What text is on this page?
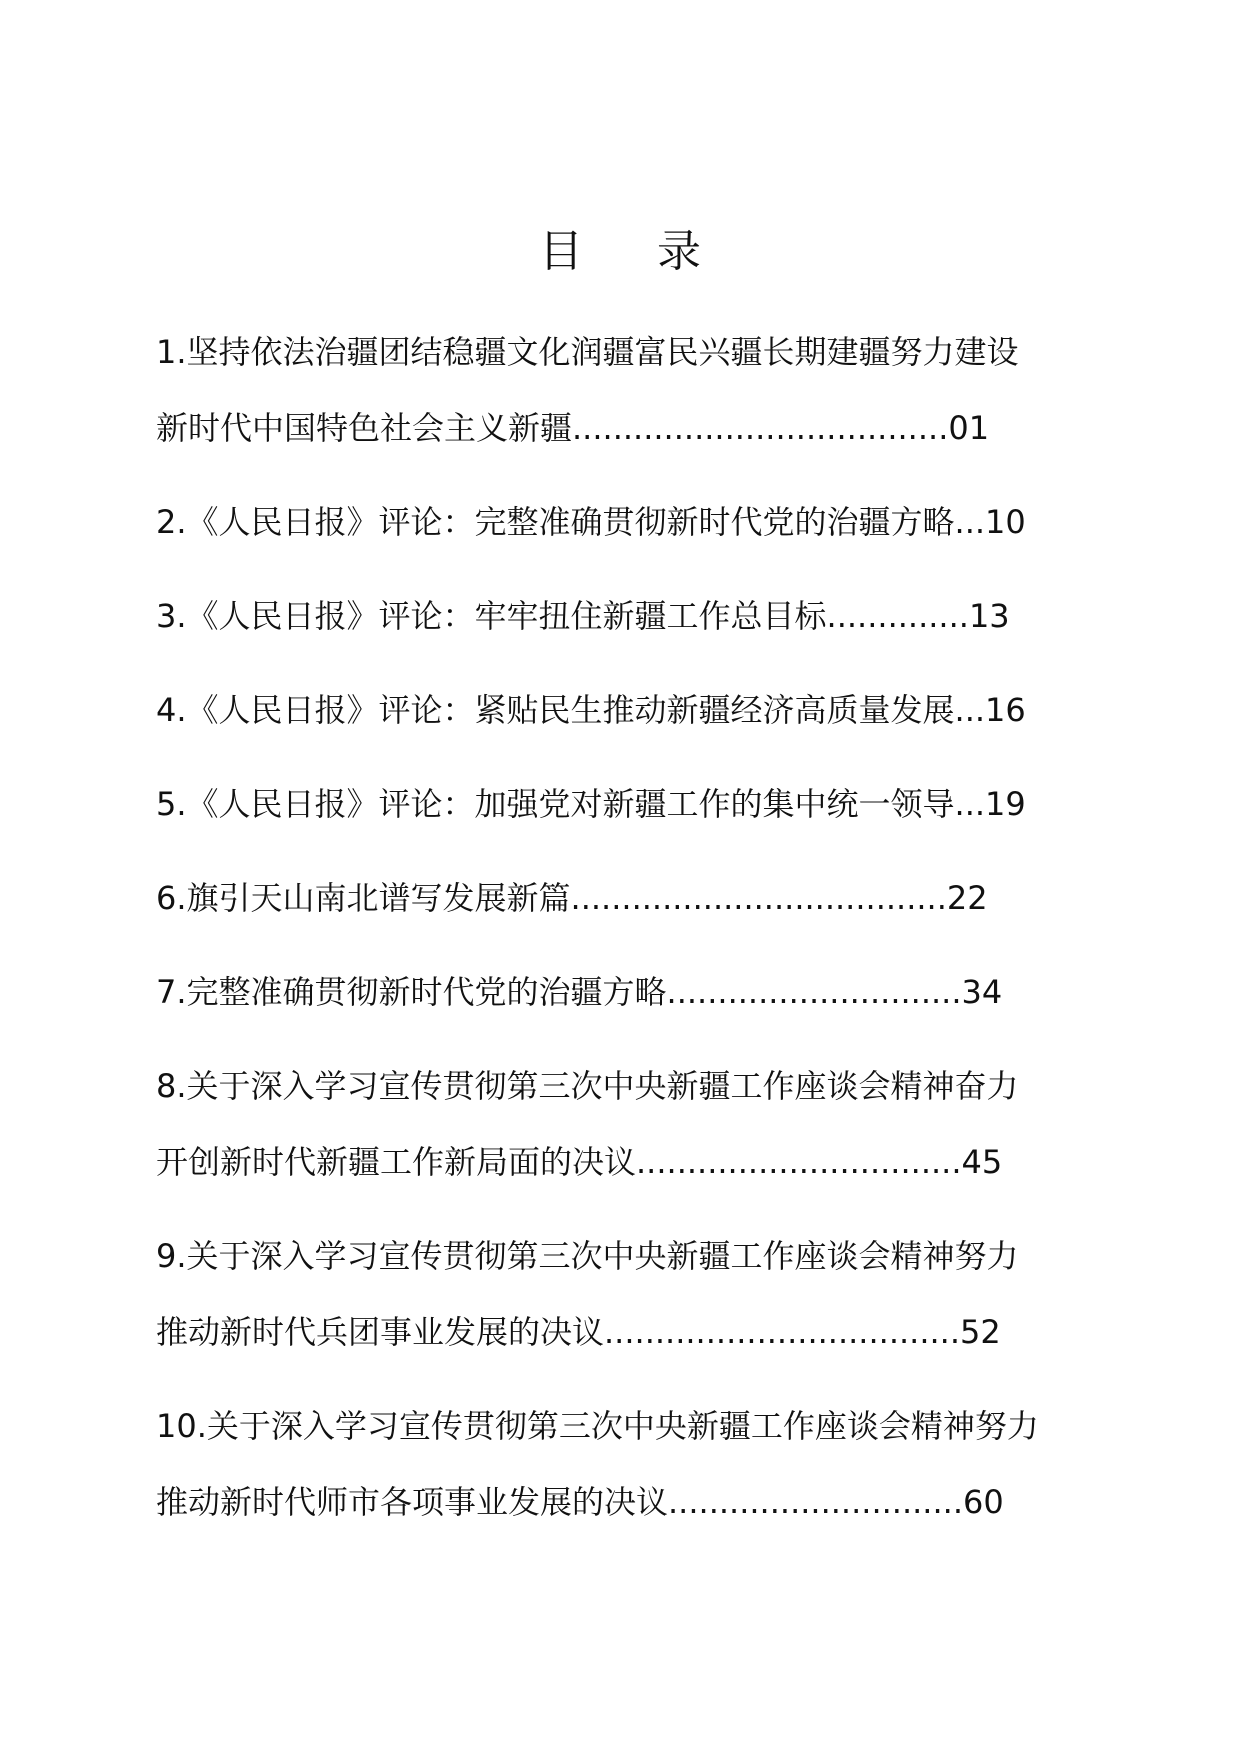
目 录
1.坚持依法治疆团结稳疆文化润疆富民兴疆长期建疆努力建设
新时代中国特色社会主义新疆.....................................01
2.《人民日报》评论：完整准确贯彻新时代党的治疆方略...10
3.《人民日报》评论：牢牢扭住新疆工作总目标..............13
4.《人民日报》评论：紧贴民生推动新疆经济高质量发展...16
5.《人民日报》评论：加强党对新疆工作的集中统一领导...19
6.旗引天山南北谱写发展新篇.....................................22
7.完整准确贯彻新时代党的治疆方略.............................34
8.关于深入学习宣传贯彻第三次中央新疆工作座谈会精神奋力
开创新时代新疆工作新局面的决议................................45
9.关于深入学习宣传贯彻第三次中央新疆工作座谈会精神努力
推动新时代兵团事业发展的决议...................................52
10.关于深入学习宣传贯彻第三次中央新疆工作座谈会精神努力
推动新时代师市各项事业发展的决议.............................60
